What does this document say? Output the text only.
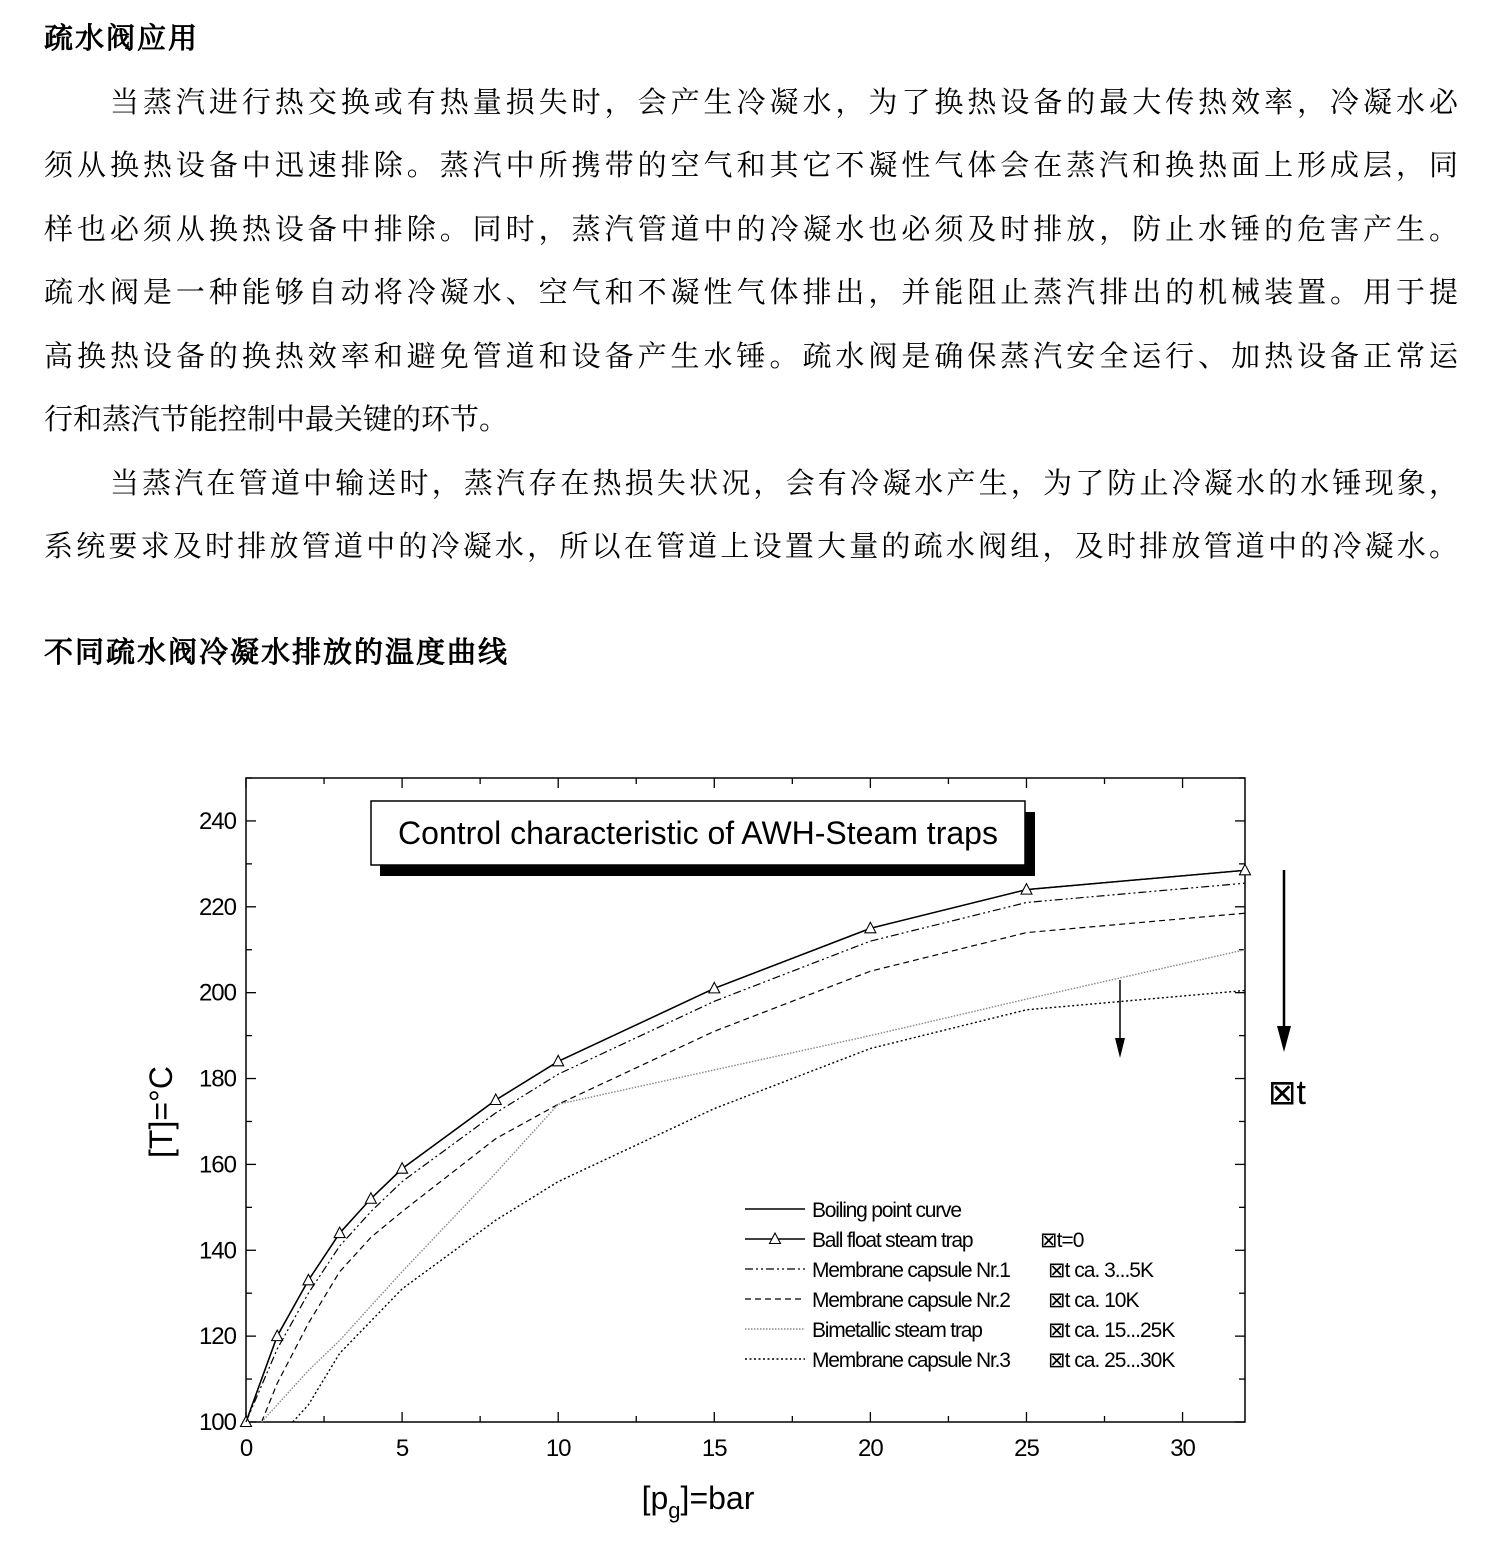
疏水阀应用
当蒸汽进行热交换或有热量损失时，会产生冷凝水，为了换热设备的最大传热效率，冷凝水必
须从换热设备中迅速排除。蒸汽中所携带的空气和其它不凝性气体会在蒸汽和换热面上形成层，同
样也必须从换热设备中排除。同时，蒸汽管道中的冷凝水也必须及时排放，防止水锤的危害产生。
疏水阀是一种能够自动将冷凝水、空气和不凝性气体排出，并能阻止蒸汽排出的机械装置。用于提
高换热设备的换热效率和避免管道和设备产生水锤。疏水阀是确保蒸汽安全运行、加热设备正常运
行和蒸汽节能控制中最关键的环节。
当蒸汽在管道中输送时，蒸汽存在热损失状况，会有冷凝水产生，为了防止冷凝水的水锤现象，
系统要求及时排放管道中的冷凝水，所以在管道上设置大量的疏水阀组，及时排放管道中的冷凝水。
不同疏水阀冷凝水排放的温度曲线
0	5	10	15	20	25	30
100
120
140
160
180
200
220
240
⊠t
Control characteristic of AWH-Steam traps
Boiling point curve
Ball float steam trap	⊠t=0
Membrane capsule Nr.1 ⊠t ca. 3...5K
Membrane capsule Nr.2 ⊠t ca. 10K
Bimetallic steam trap	⊠t ca. 15...25K
Membrane capsule Nr.3 ⊠t ca. 25...30K
$[p_g]=bar$
[T]=°C
